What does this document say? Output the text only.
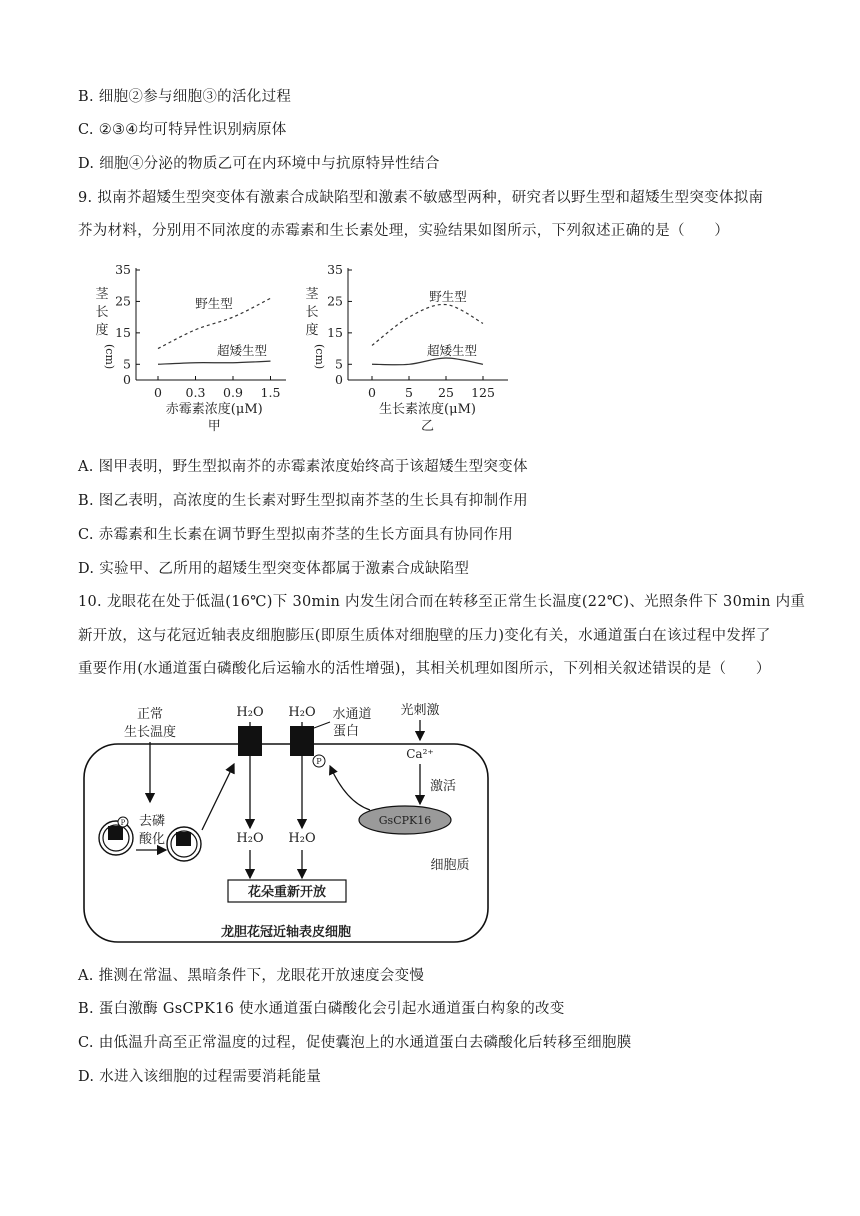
B. 细胞②参与细胞③的活化过程
C. ②③④均可特异性识别病原体
D. 细胞④分泌的物质乙可在内环境中与抗原特异性结合
9. 拟南芥超矮生型突变体有激素合成缺陷型和激素不敏感型两种，研究者以野生型和超矮生型突变体拟南
芥为材料，分别用不同浓度的赤霉素和生长素处理，实验结果如图所示，下列叙述正确的是（　　）
0
5
15
25
35
0 0.3 0.9 1.5
茎
长
度
(cm)
赤霉素浓度(μM)
甲
野生型
超矮生型
0
5
15
25
35
0 5 25 125
茎
长
度
(cm)
生长素浓度(μM)
乙
野生型
超矮生型
A. 图甲表明，野生型拟南芥的赤霉素浓度始终高于该超矮生型突变体
B. 图乙表明，高浓度的生长素对野生型拟南芥茎的生长具有抑制作用
C. 赤霉素和生长素在调节野生型拟南芥茎的生长方面具有协同作用
D. 实验甲、乙所用的超矮生型突变体都属于激素合成缺陷型
10. 龙眼花在处于低温(16℃)下 30min 内发生闭合而在转移至正常生长温度(22℃)、光照条件下 30min 内重
新开放，这与花冠近轴表皮细胞膨压(即原生质体对细胞壁的压力)变化有关，水通道蛋白在该过程中发挥了
重要作用(水通道蛋白磷酸化后运输水的活性增强)，其相关机理如图所示，下列相关叙述错误的是（　　）
正常
生长温度
P 去磷
酸化
H₂O
H₂O
H₂O
P
H₂O
水通道
蛋白
光刺激
Ca²⁺
激活
GsCPK16
细胞质
花朵重新开放
龙胆花冠近轴表皮细胞
A. 推测在常温、黑暗条件下，龙眼花开放速度会变慢
B. 蛋白激酶 GsCPK16 使水通道蛋白磷酸化会引起水通道蛋白构象的改变
C. 由低温升高至正常温度的过程，促使囊泡上的水通道蛋白去磷酸化后转移至细胞膜
D. 水进入该细胞的过程需要消耗能量
